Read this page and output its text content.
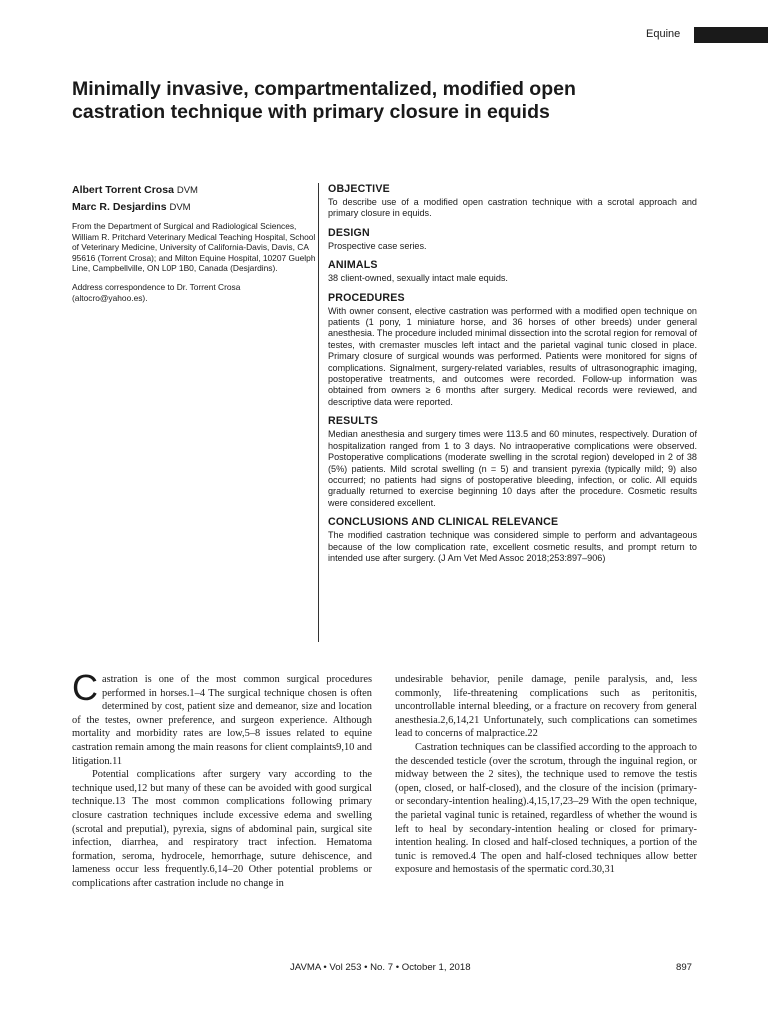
Equine
Minimally invasive, compartmentalized, modified open castration technique with primary closure in equids
Albert Torrent Crosa DVM
Marc R. Desjardins DVM
From the Department of Surgical and Radiological Sciences, William R. Pritchard Veterinary Medical Teaching Hospital, School of Veterinary Medicine, University of California-Davis, Davis, CA 95616 (Torrent Crosa); and Milton Equine Hospital, 10207 Guelph Line, Campbellville, ON L0P 1B0, Canada (Desjardins).
Address correspondence to Dr. Torrent Crosa (altocro@yahoo.es).
OBJECTIVE
To describe use of a modified open castration technique with a scrotal approach and primary closure in equids.
DESIGN
Prospective case series.
ANIMALS
38 client-owned, sexually intact male equids.
PROCEDURES
With owner consent, elective castration was performed with a modified open technique on patients (1 pony, 1 miniature horse, and 36 horses of other breeds) under general anesthesia. The procedure included minimal dissection into the scrotal region for removal of testes, with cremaster muscles left intact and the parietal vaginal tunic closed in place. Primary closure of surgical wounds was performed. Patients were monitored for signs of complications. Signalment, surgery-related variables, results of ultrasonographic imaging, postoperative treatments, and outcomes were recorded. Follow-up information was obtained from owners ≥ 6 months after surgery. Medical records were reviewed, and descriptive data were reported.
RESULTS
Median anesthesia and surgery times were 113.5 and 60 minutes, respectively. Duration of hospitalization ranged from 1 to 3 days. No intraoperative complications were observed. Postoperative complications (moderate swelling in the scrotal region) developed in 2 of 38 (5%) patients. Mild scrotal swelling (n = 5) and transient pyrexia (typically mild; 9) also occurred; no patients had signs of postoperative bleeding, infection, or colic. All equids gradually returned to exercise beginning 10 days after the procedure. Cosmetic results were considered excellent.
CONCLUSIONS AND CLINICAL RELEVANCE
The modified castration technique was considered simple to perform and advantageous because of the low complication rate, excellent cosmetic results, and prompt return to intended use after surgery. (J Am Vet Med Assoc 2018;253:897–906)

Castration is one of the most common surgical procedures performed in horses.1–4 The surgical technique chosen is often determined by cost, patient size and demeanor, size and location of the testes, owner preference, and surgeon experience. Although mortality and morbidity rates are low,5–8 issues related to equine castration remain among the main reasons for client complaints9,10 and litigation.11

Potential complications after surgery vary according to the technique used,12 but many of these can be avoided with good surgical technique.13 The most common complications following primary closure castration techniques include excessive edema and swelling (scrotal and preputial), pyrexia, signs of abdominal pain, surgical site infection, diarrhea, and respiratory tract infection. Hematoma formation, seroma, hydrocele, hemorrhage, suture dehiscence, and lameness occur less frequently.6,14–20 Other potential problems or complications after castration include no change in

undesirable behavior, penile damage, penile paralysis, and, less commonly, life-threatening complications such as peritonitis, uncontrollable internal bleeding, or a fracture on recovery from general anesthesia.2,6,14,21 Unfortunately, such complications can sometimes lead to concerns of malpractice.22

Castration techniques can be classified according to the approach to the descended testicle (over the scrotum, through the inguinal region, or midway between the 2 sites), the technique used to remove the testis (open, closed, or half-closed), and the closure of the incision (primary- or secondary-intention healing).4,15,17,23–29 With the open technique, the parietal vaginal tunic is retained, regardless of whether the wound is left to heal by secondary-intention healing or closed for primary-intention healing. In closed and half-closed techniques, a portion of the tunic is removed.4 The open and half-closed techniques allow better exposure and hemostasis of the spermatic cord.30,31

JAVMA • Vol 253 • No. 7 • October 1, 2018	897
